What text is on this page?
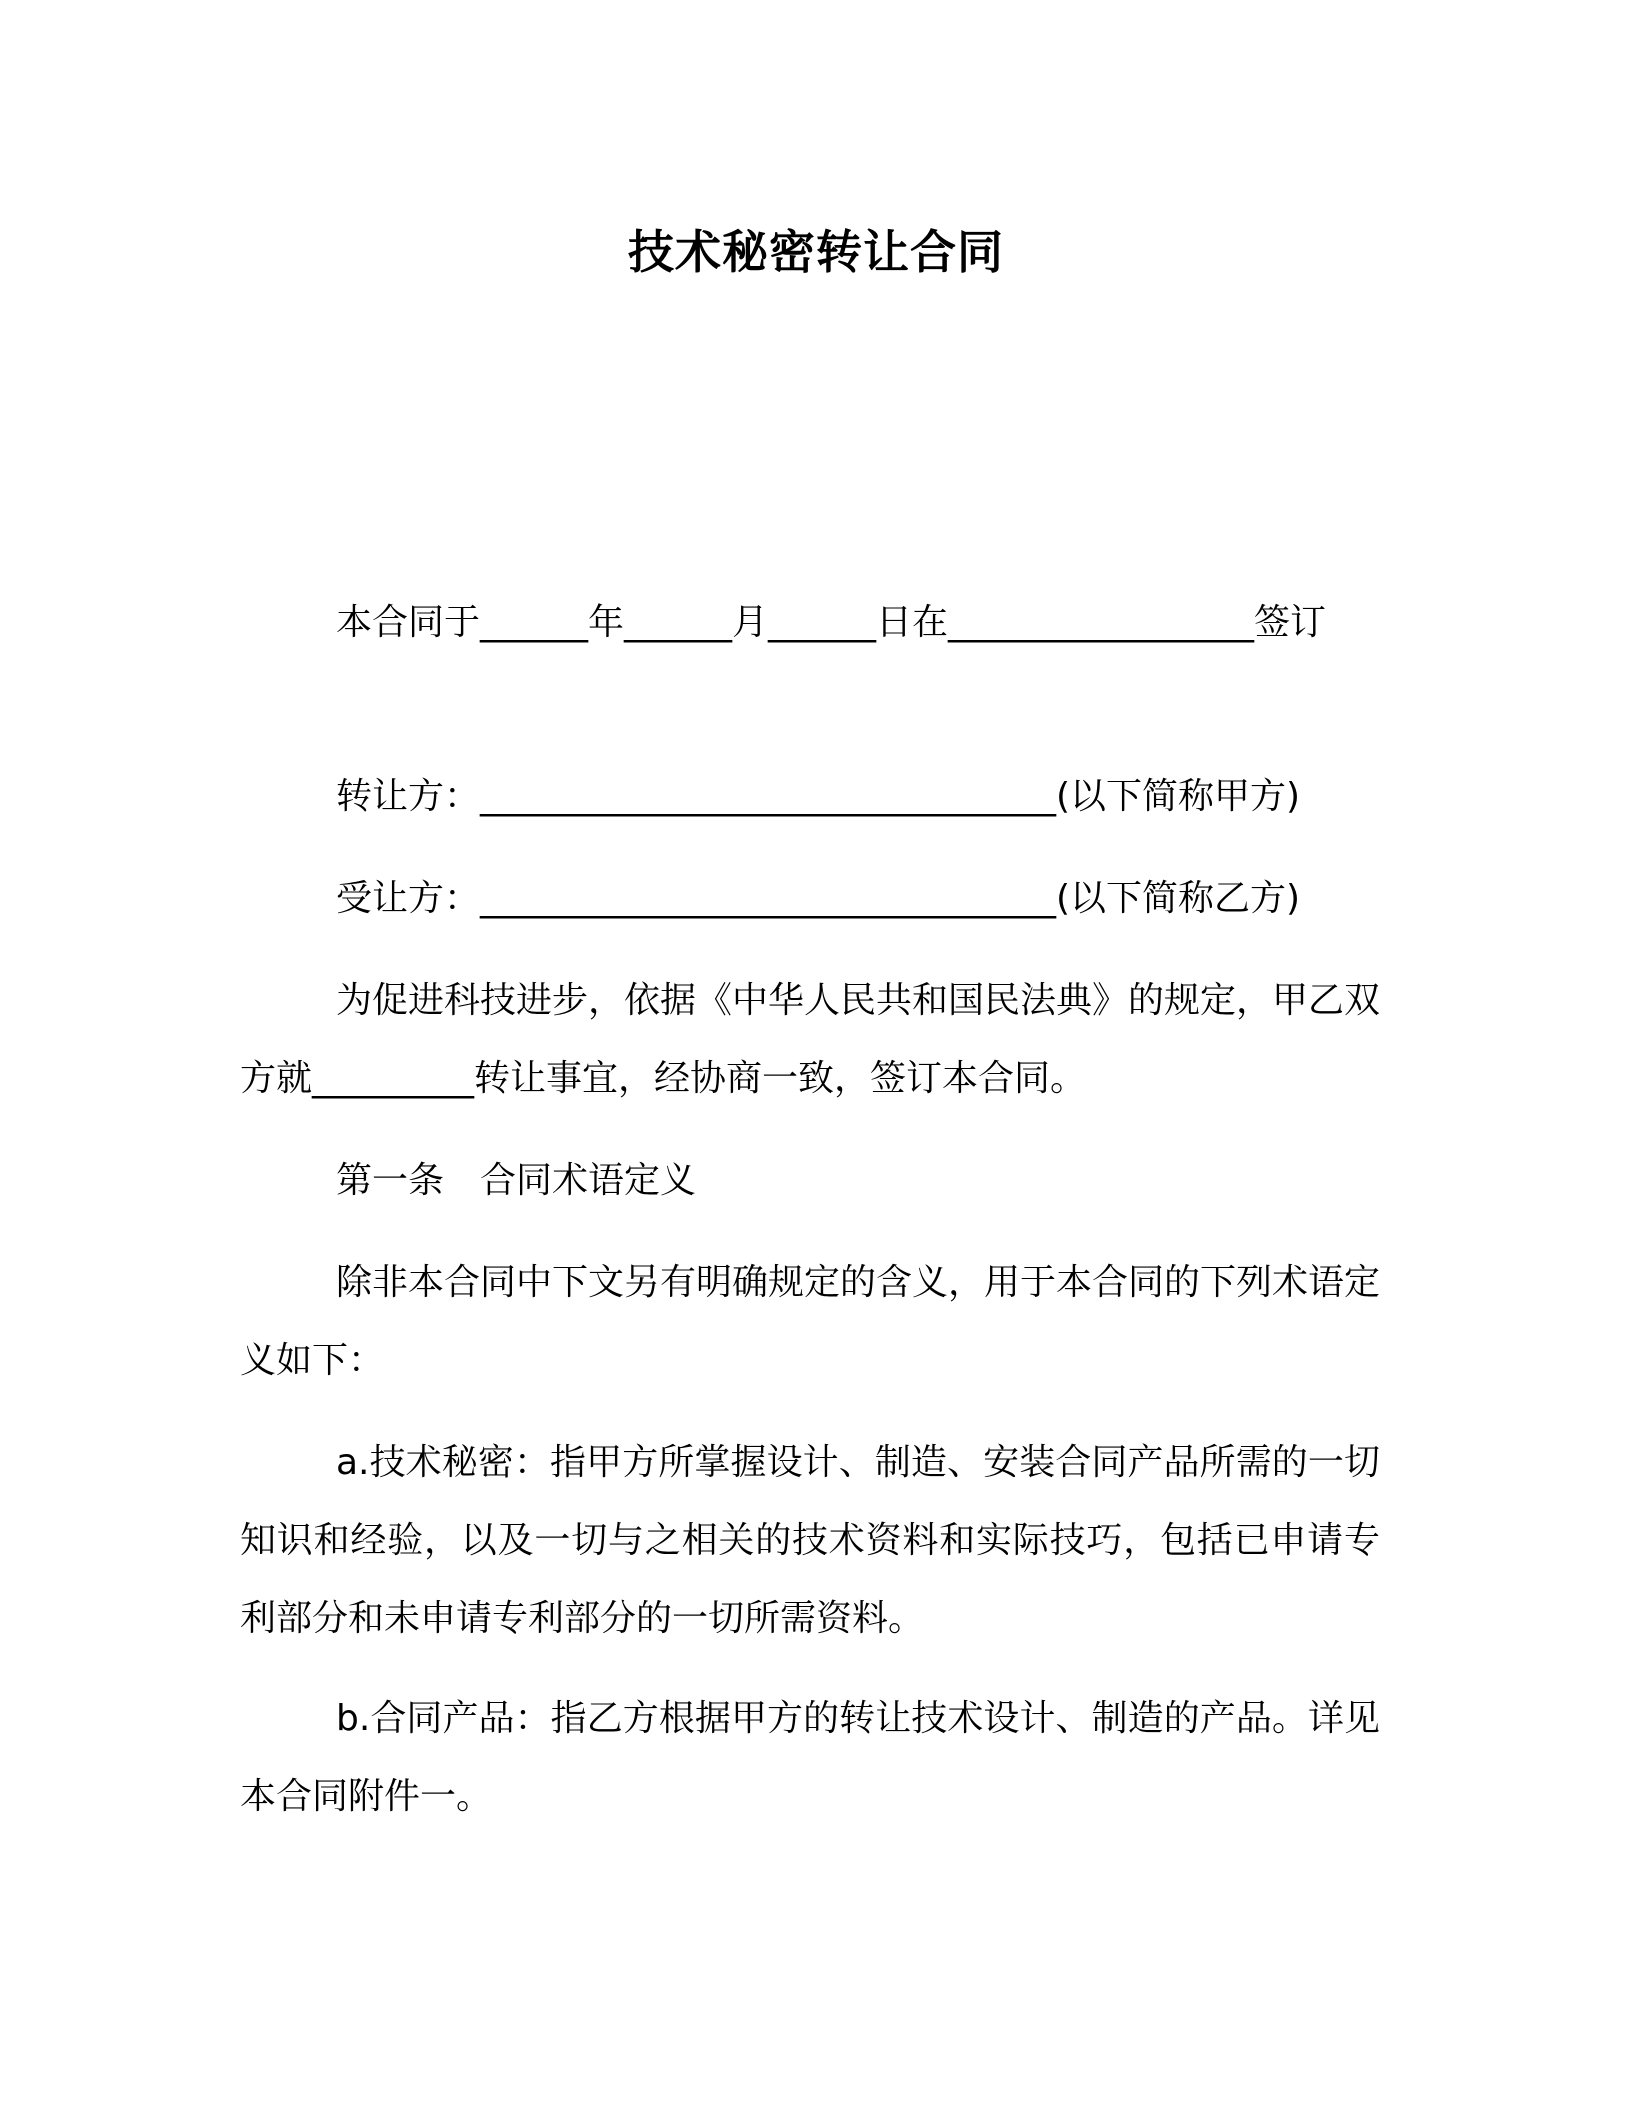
技术秘密转让合同
本合同于______年______月______日在_________________签订
转让方：________________________________(以下简称甲方)
受让方：________________________________(以下简称乙方)
为促进科技进步，依据《中华人民共和国民法典》的规定，甲乙双方就_________转让事宜，经协商一致，签订本合同。
第一条　合同术语定义
除非本合同中下文另有明确规定的含义，用于本合同的下列术语定义如下：
a.技术秘密：指甲方所掌握设计、制造、安装合同产品所需的一切知识和经验，以及一切与之相关的技术资料和实际技巧，包括已申请专利部分和未申请专利部分的一切所需资料。
b.合同产品：指乙方根据甲方的转让技术设计、制造的产品。详见本合同附件一。
